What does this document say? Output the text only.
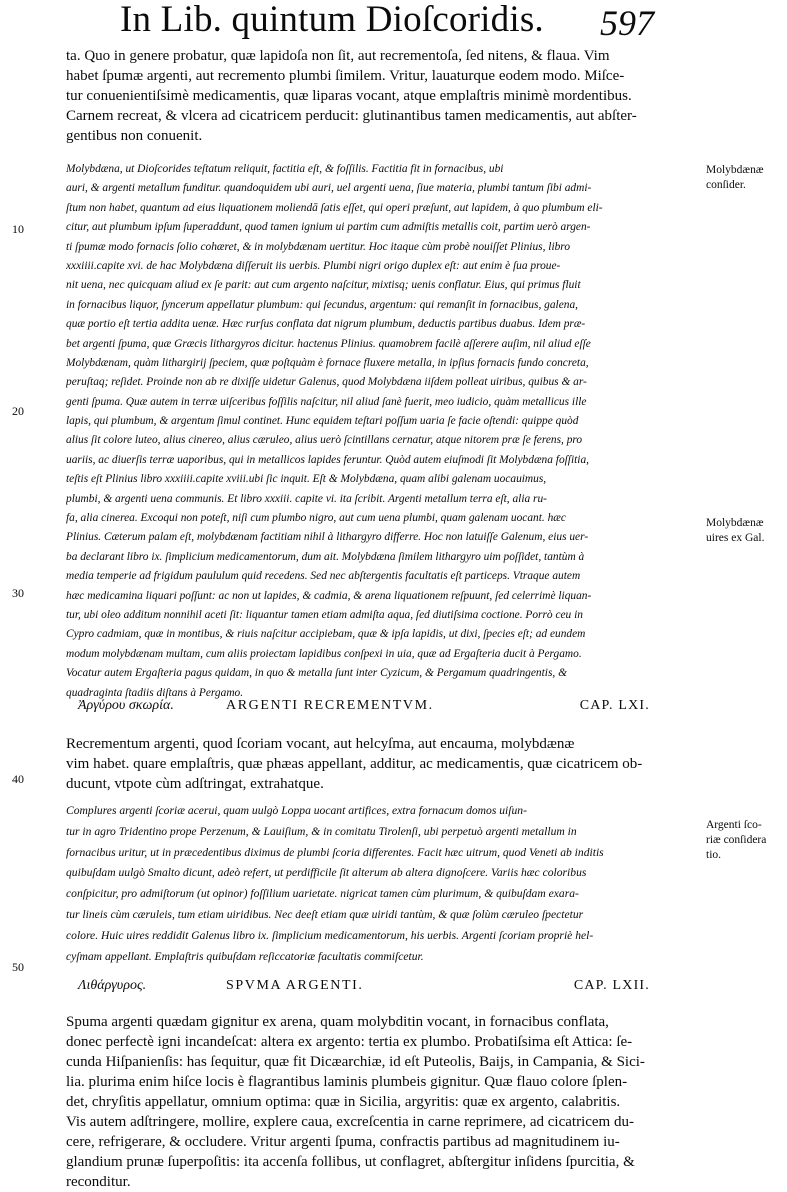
In Lib. quintum Dioſcoridis. 597
ta. Quo in genere probatur, quæ lapidoſa non ſit, aut recrementoſa, ſed nitens, & flaua. Vim
habet ſpumæ argenti, aut recremento plumbi ſimilem. Vritur, lauaturque eodem modo. Miſce-
tur conuenientiſsimè medicamentis, quæ liparas vocant, atque emplaſtris minimè mordentibus.
Carnem recreat, & vlcera ad cicatricem perducit: glutinantibus tamen medicamentis, aut abſter-
gentibus non conuenit.
Molybdæna, ut Dioſcorides teſtatum reliquit, factitia eſt, & foſſilis. Factitia fit in fornacibus, ubi
auri, & argenti metallum funditur. quandoquidem ubi auri, uel argenti uena, ſiue materia, plumbi tantum ſibi admi-
ſtum non habet, quantum ad eius liquationem moliendā ſatis eſſet, qui operi præſunt, aut lapidem, à quo plumbum eli-
citur, aut plumbum ipſum ſuperaddunt, quod tamen ignium ui partim cum admiſtis metallis coit, partim uerò argen-
ti ſpumæ modo fornacis ſolio cohæret, & in molybdænam uertitur. Hoc itaque cùm probè nouiſſet Plinius, libro
xxxiiii.capite xvi. de hac Molybdæna diſſeruit iis uerbis. Plumbi nigri origo duplex eſt: aut enim è ſua proue-
nit uena, nec quicquam aliud ex ſe parit: aut cum argento naſcitur, mixtisq; uenis conflatur. Eius, qui primus fluit
in fornacibus liquor, ſyncerum appellatur plumbum: qui ſecundus, argentum: qui remanſit in fornacibus, galena,
quæ portio eſt tertia addita uenæ. Hæc rurſus conflata dat nigrum plumbum, deductis partibus duabus. Idem præ-
bet argenti ſpuma, quæ Græcis lithargyros dicitur. hactenus Plinius. quamobrem facilè aſſerere auſim, nil aliud eſſe
Molybdænam, quàm lithargirij ſpeciem, quæ poſtquàm è fornace fluxere metalla, in ipſius fornacis fundo concreta,
peruſtaq; reſidet. Proinde non ab re dixiſſe uidetur Galenus, quod Molybdæna iiſdem polleat uiribus, quibus & ar-
genti ſpuma. Quæ autem in terræ uiſceribus foſſilis naſcitur, nil aliud ſanè fuerit, meo iudicio, quàm metallicus ille
lapis, qui plumbum, & argentum ſimul continet. Hunc equidem teſtari poſſum uaria ſe facie oſtendi: quippe quòd
alius ſit colore luteo, alius cinereo, alius cæruleo, alius uerò ſcintillans cernatur, atque nitorem præ ſe ferens, pro
uariis, ac diuerſis terræ uaporibus, qui in metallicos lapides feruntur. Quòd autem eiuſmodi ſit Molybdæna foſſitia,
teſtis eſt Plinius libro xxxiiii.capite xviii.ubi ſic inquit. Eſt & Molybdæna, quam alibi galenam uocauimus,
plumbi, & argenti uena communis. Et libro xxxiii. capite vi. ita ſcribit. Argenti metallum terra eſt, alia ru-
fa, alia cinerea. Excoqui non poteſt, niſi cum plumbo nigro, aut cum uena plumbi, quam galenam uocant. hæc
Plinius. Cæterum palam eſt, molybdænam factitiam nihil à lithargyro differre. Hoc non latuiſſe Galenum, eius uer-
ba declarant libro ix. ſimplicium medicamentorum, dum ait. Molybdæna ſimilem lithargyro uim poſſidet, tantùm à
media temperie ad frigidum paululum quid recedens. Sed nec abſtergentis facultatis eſt particeps. Vtraque autem
hæc medicamina liquari poſſunt: ac non ut lapides, & cadmia, & arena liquationem reſpuunt, ſed celerrimè liquan-
tur, ubi oleo additum nonnihil aceti ſit: liquantur tamen etiam admiſta aqua, ſed diutiſsima coctione. Porrò ceu in
Cypro cadmiam, quæ in montibus, & riuis naſcitur accipiebam, quæ & ipſa lapidis, ut dixi, ſpecies eſt; ad eundem
modum molybdænam multam, cum aliis proiectam lapidibus conſpexi in uia, quæ ad Ergaſteria ducit à Pergamo.
Vocatur autem Ergaſteria pagus quidam, in quo & metalla ſunt inter Cyzicum, & Pergamum quadringentis, &
quadraginta ſtadiis diſtans à Pergamo.
Ἀργύρου σκωρία.	ARGENTI RECREMENTVM.	CAP. LXI.
Recrementum argenti, quod ſcoriam vocant, aut helcyſma, aut encauma, molybdænæ
vim habet. quare emplaſtris, quæ phæas appellant, additur, ac medicamentis, quæ cicatricem ob-
ducunt, vtpote cùm adſtringat, extrahatque.
Complures argenti ſcoriæ acerui, quam uulgò Loppa uocant artifices, extra fornacum domos uiſun-
tur in agro Tridentino prope Perzenum, & Lauiſium, & in comitatu Tirolenſi, ubi perpetuò argenti metallum in
fornacibus uritur, ut in præcedentibus diximus de plumbi ſcoria differentes. Facit hæc uitrum, quod Veneti ab inditis
quibuſdam uulgò Smalto dicunt, adeò refert, ut perdifficile ſit alterum ab altera dignoſcere. Variis hæc coloribus
conſpicitur, pro admiſtorum (ut opinor) foſſilium uarietate. nigricat tamen cùm plurimum, & quibuſdam exara-
tur lineis cùm cæruleis, tum etiam uiridibus. Nec deeſt etiam quæ uiridi tantùm, & quæ ſolùm cæruleo ſpectetur
colore. Huic uires reddidit Galenus libro ix. ſimplicium medicamentorum, his uerbis. Argenti ſcoriam propriè hel-
cyſmam appellant. Emplaſtris quibuſdam reſiccatoriæ facultatis commiſcetur.
Λιθάργυρος.	SPVMA ARGENTI.	CAP. LXII.
Spuma argenti quædam gignitur ex arena, quam molybditin vocant, in fornacibus conflata,
donec perfectè igni incandeſcat: altera ex argento: tertia ex plumbo. Probatiſsima eſt Attica: ſe-
cunda Hiſpanienſis: has ſequitur, quæ fit Dicæarchiæ, id eſt Puteolis, Baijs, in Campania, & Sici-
lia. plurima enim hiſce locis è flagrantibus laminis plumbeis gignitur. Quæ flauo colore ſplen-
det, chryſitis appellatur, omnium optima: quæ in Sicilia, argyritis: quæ ex argento, calabritis.
Vis autem adſtringere, mollire, explere caua, excreſcentia in carne reprimere, ad cicatricem du-
cere, refrigerare, & occludere. Vritur argenti ſpuma, confractis partibus ad magnitudinem iu-
glandium prunæ ſuperpoſitis: ita accenſa follibus, ut conflagret, abſtergitur inſidens ſpurcitia, &
reconditur.
Molybdænæ
conſider.
Molybdænæ
uires ex Gal.
Argenti ſco-
riæ conſidera
tio.
10
20
30
40
50
